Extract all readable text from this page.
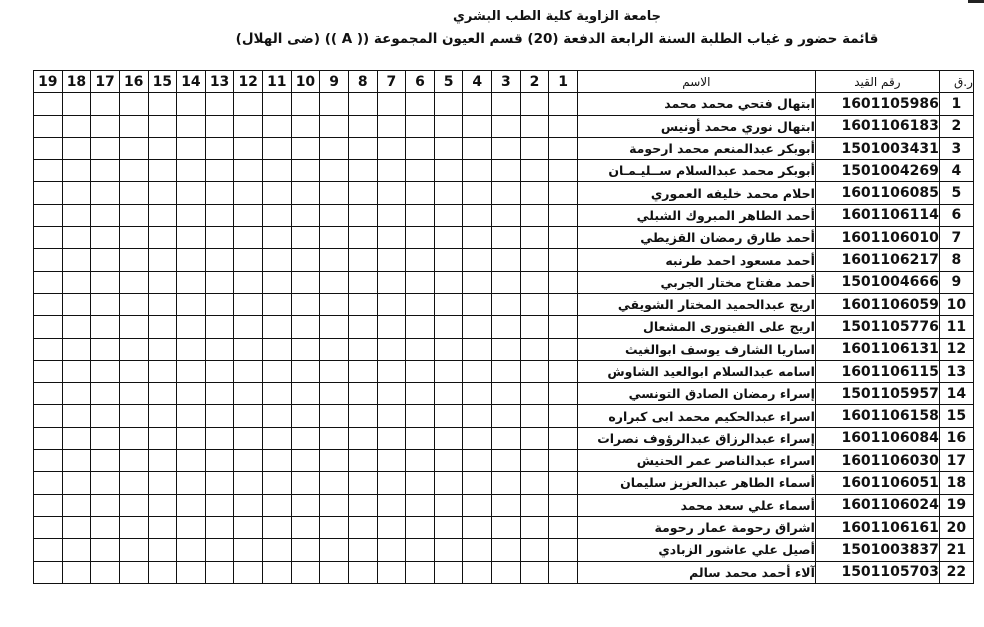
جامعة الزاوية كلية الطب البشري
قائمة حضور و غياب الطلبة السنة الرابعة الدفعة (20) قسم العيون المجموعة (( A )) (ضى الهلال)
ر.ق	رقم القيد	الاسم	1	2	3	4	5	6	7	8	9	10	11	12	13	14	15	16	17	18	19
1	1601105986	ابتهال فتحي محمد محمد																			
2	1601106183	ابتهال نوري محمد أونيس																			
3	1501003431	أبوبكر عبدالمنعم محمد ارحومة																			
4	1501004269	أبوبكر محمد عبدالسلام ســليـمـان																			
5	1601106085	احلام محمد خليفه العموري																			
6	1601106114	أحمد الطاهر المبروك الشبلي																			
7	1601106010	أحمد طارق رمضان القزيطي																			
8	1601106217	أحمد مسعود احمد طرنبه																			
9	1501004666	أحمد مفتاح مختار الجربي																			
10	1601106059	اريج عبدالحميد المختار الشويقي																			
11	1501105776	اريج على الفيتورى المشعال																			
12	1601106131	اساريا الشارف يوسف ابوالغيث																			
13	1601106115	اسامه عبدالسلام ابوالعيد الشاوش																			
14	1501105957	إسراء رمضان الصادق التونسي																			
15	1601106158	اسراء عبدالحكيم محمد ابى كبراره																			
16	1601106084	إسراء عبدالرزاق عبدالرؤوف نصرات																			
17	1601106030	اسراء عبدالناصر عمر الحنيش																			
18	1601106051	أسماء الطاهر عبدالعزيز سليمان																			
19	1601106024	أسماء علي سعد محمد																			
20	1601106161	اشراق رحومة عمار رحومة																			
21	1501003837	أصيل علي عاشور الزبادي																			
22	1501105703	آلاء أحمد محمد سالم																			
